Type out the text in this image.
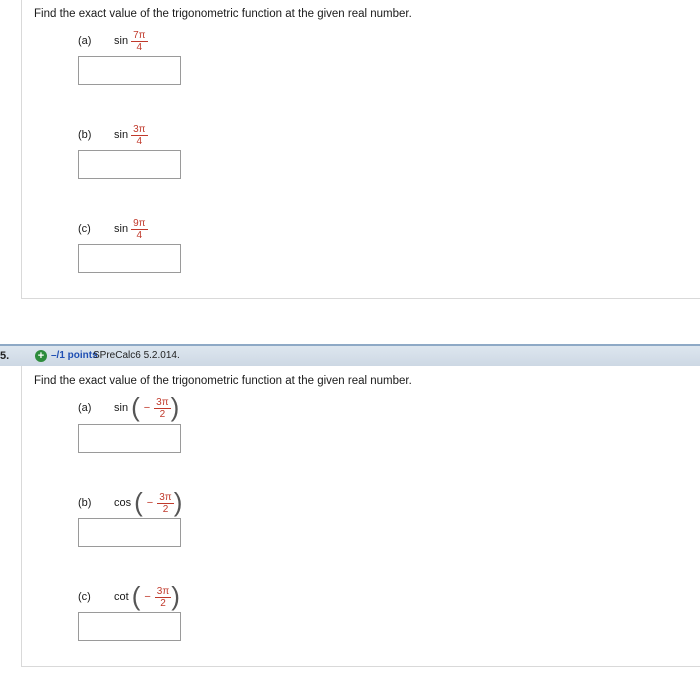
Find the exact value of the trigonometric function at the given real number.
(a)	$\sin \frac{7\pi}{4}$
(b)	$\sin \frac{3\pi}{4}$
(c)	$\sin \frac{9\pi}{4}$
5.	+ –/1 points
SPreCalc6 5.2.014.
Find the exact value of the trigonometric function at the given real number.
(a)	sin ( − $\frac{3\pi}{2}$ )
(b)	cos ( − $\frac{3\pi}{2}$ )
(c)	cot ( − $\frac{3\pi}{2}$ )
